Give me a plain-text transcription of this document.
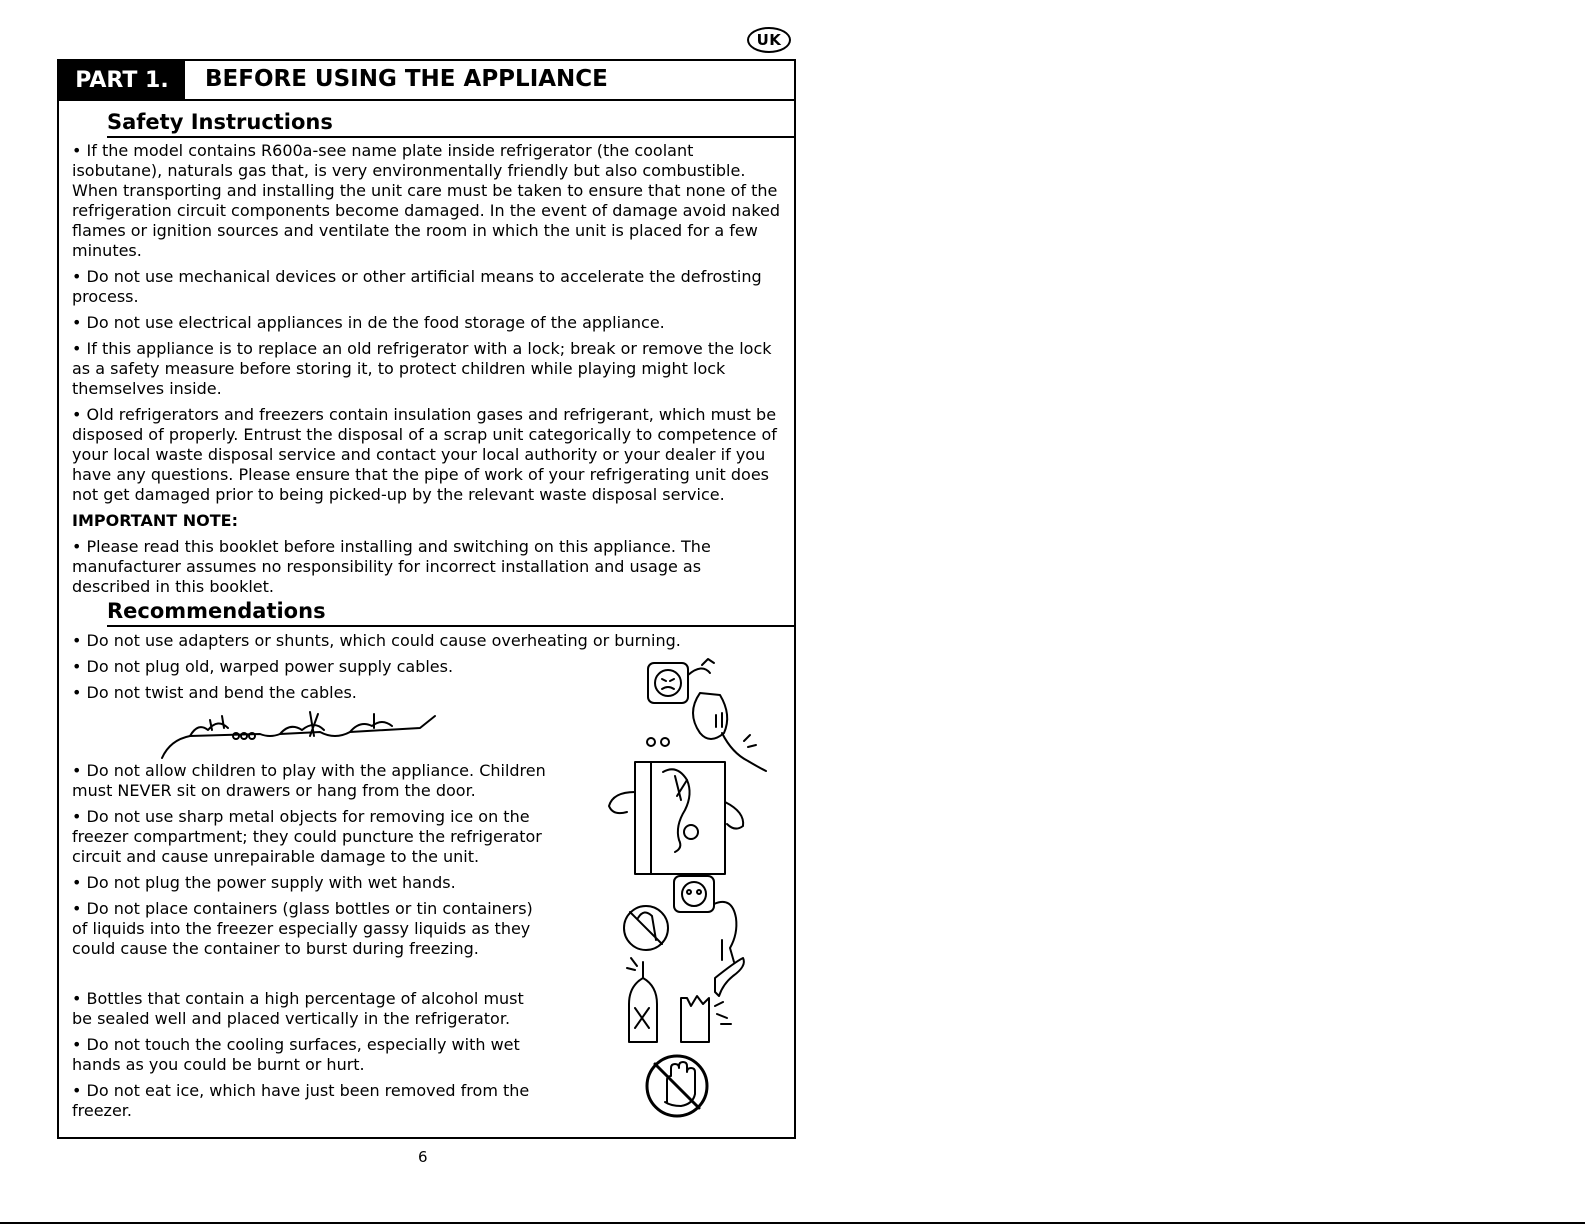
UK
PART 1.	BEFORE USING THE APPLIANCE
Safety Instructions

• If the model contains R600a-see name plate inside refrigerator (the coolant isobutane), naturals gas that, is very environmentally friendly but also combustible. When transporting and installing the unit care must be taken to ensure that none of the refrigeration circuit components become damaged. In the event of damage avoid naked flames or ignition sources and ventilate the room in which the unit is placed for a few minutes.

• Do not use mechanical devices or other artificial means to accelerate the defrosting process.

• Do not use electrical appliances in de the food storage of the appliance.

• If this appliance is to replace an old refrigerator with a lock; break or remove the lock as a safety measure before storing it, to protect children while playing might lock themselves inside.

• Old refrigerators and freezers contain insulation gases and refrigerant, which must be disposed of properly. Entrust the disposal of a scrap unit categorically to competence of your local waste disposal service and contact your local authority or your dealer if you have any questions. Please ensure that the pipe of work of your refrigerating unit does not get damaged prior to being picked-up by the relevant waste disposal service.

IMPORTANT NOTE:

• Please read this booklet before installing and switching on this appliance. The manufacturer assumes no responsibility for incorrect installation and usage as described in this booklet.

Recommendations

• Do not use adapters or shunts, which could cause overheating or burning.

• Do not plug old, warped power supply cables.

• Do not twist and bend the cables.

• Do not allow children to play with the appliance. Children must NEVER sit on drawers or hang from the door.

• Do not use sharp metal objects for removing ice on the freezer compartment; they could puncture the refrigerator circuit and cause unrepairable damage to the unit.

• Do not plug the power supply with wet hands.

• Do not place containers (glass bottles or tin containers) of liquids into the freezer especially gassy liquids as they could cause the container to burst during freezing.

• Bottles that contain a high percentage of alcohol must be sealed well and placed vertically in the refrigerator.

• Do not touch the cooling surfaces, especially with wet hands as you could be burnt or hurt.

• Do not eat ice, which have just been removed from the freezer.

6
